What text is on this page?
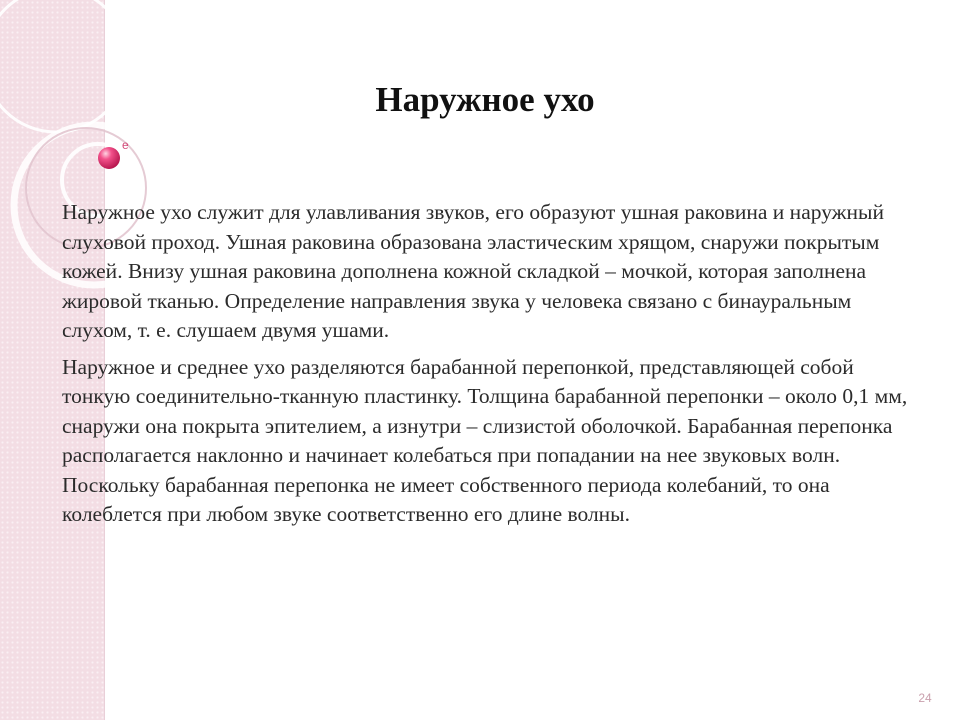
e
Наружное ухо

Наружное ухо служит для улавливания звуков, его образуют ушная раковина и наружный слуховой проход. Ушная раковина образована эластическим хрящом, снаружи покрытым кожей. Внизу ушная раковина дополнена кожной складкой – мочкой, которая заполнена жировой тканью. Определение направления звука у человека связано с бинауральным слухом, т. е. слушаем двумя ушами.

Наружное и среднее ухо разделяются барабанной перепонкой, представляющей собой тонкую соединительно-тканную пластинку. Толщина барабанной перепонки – около 0,1 мм, снаружи она покрыта эпителием, а изнутри – слизистой оболочкой. Барабанная перепонка располагается наклонно и начинает колебаться при попадании на нее звуковых волн. Поскольку барабанная перепонка не имеет собственного периода колебаний, то она колеблется при любом звуке соответственно его длине волны.

24
